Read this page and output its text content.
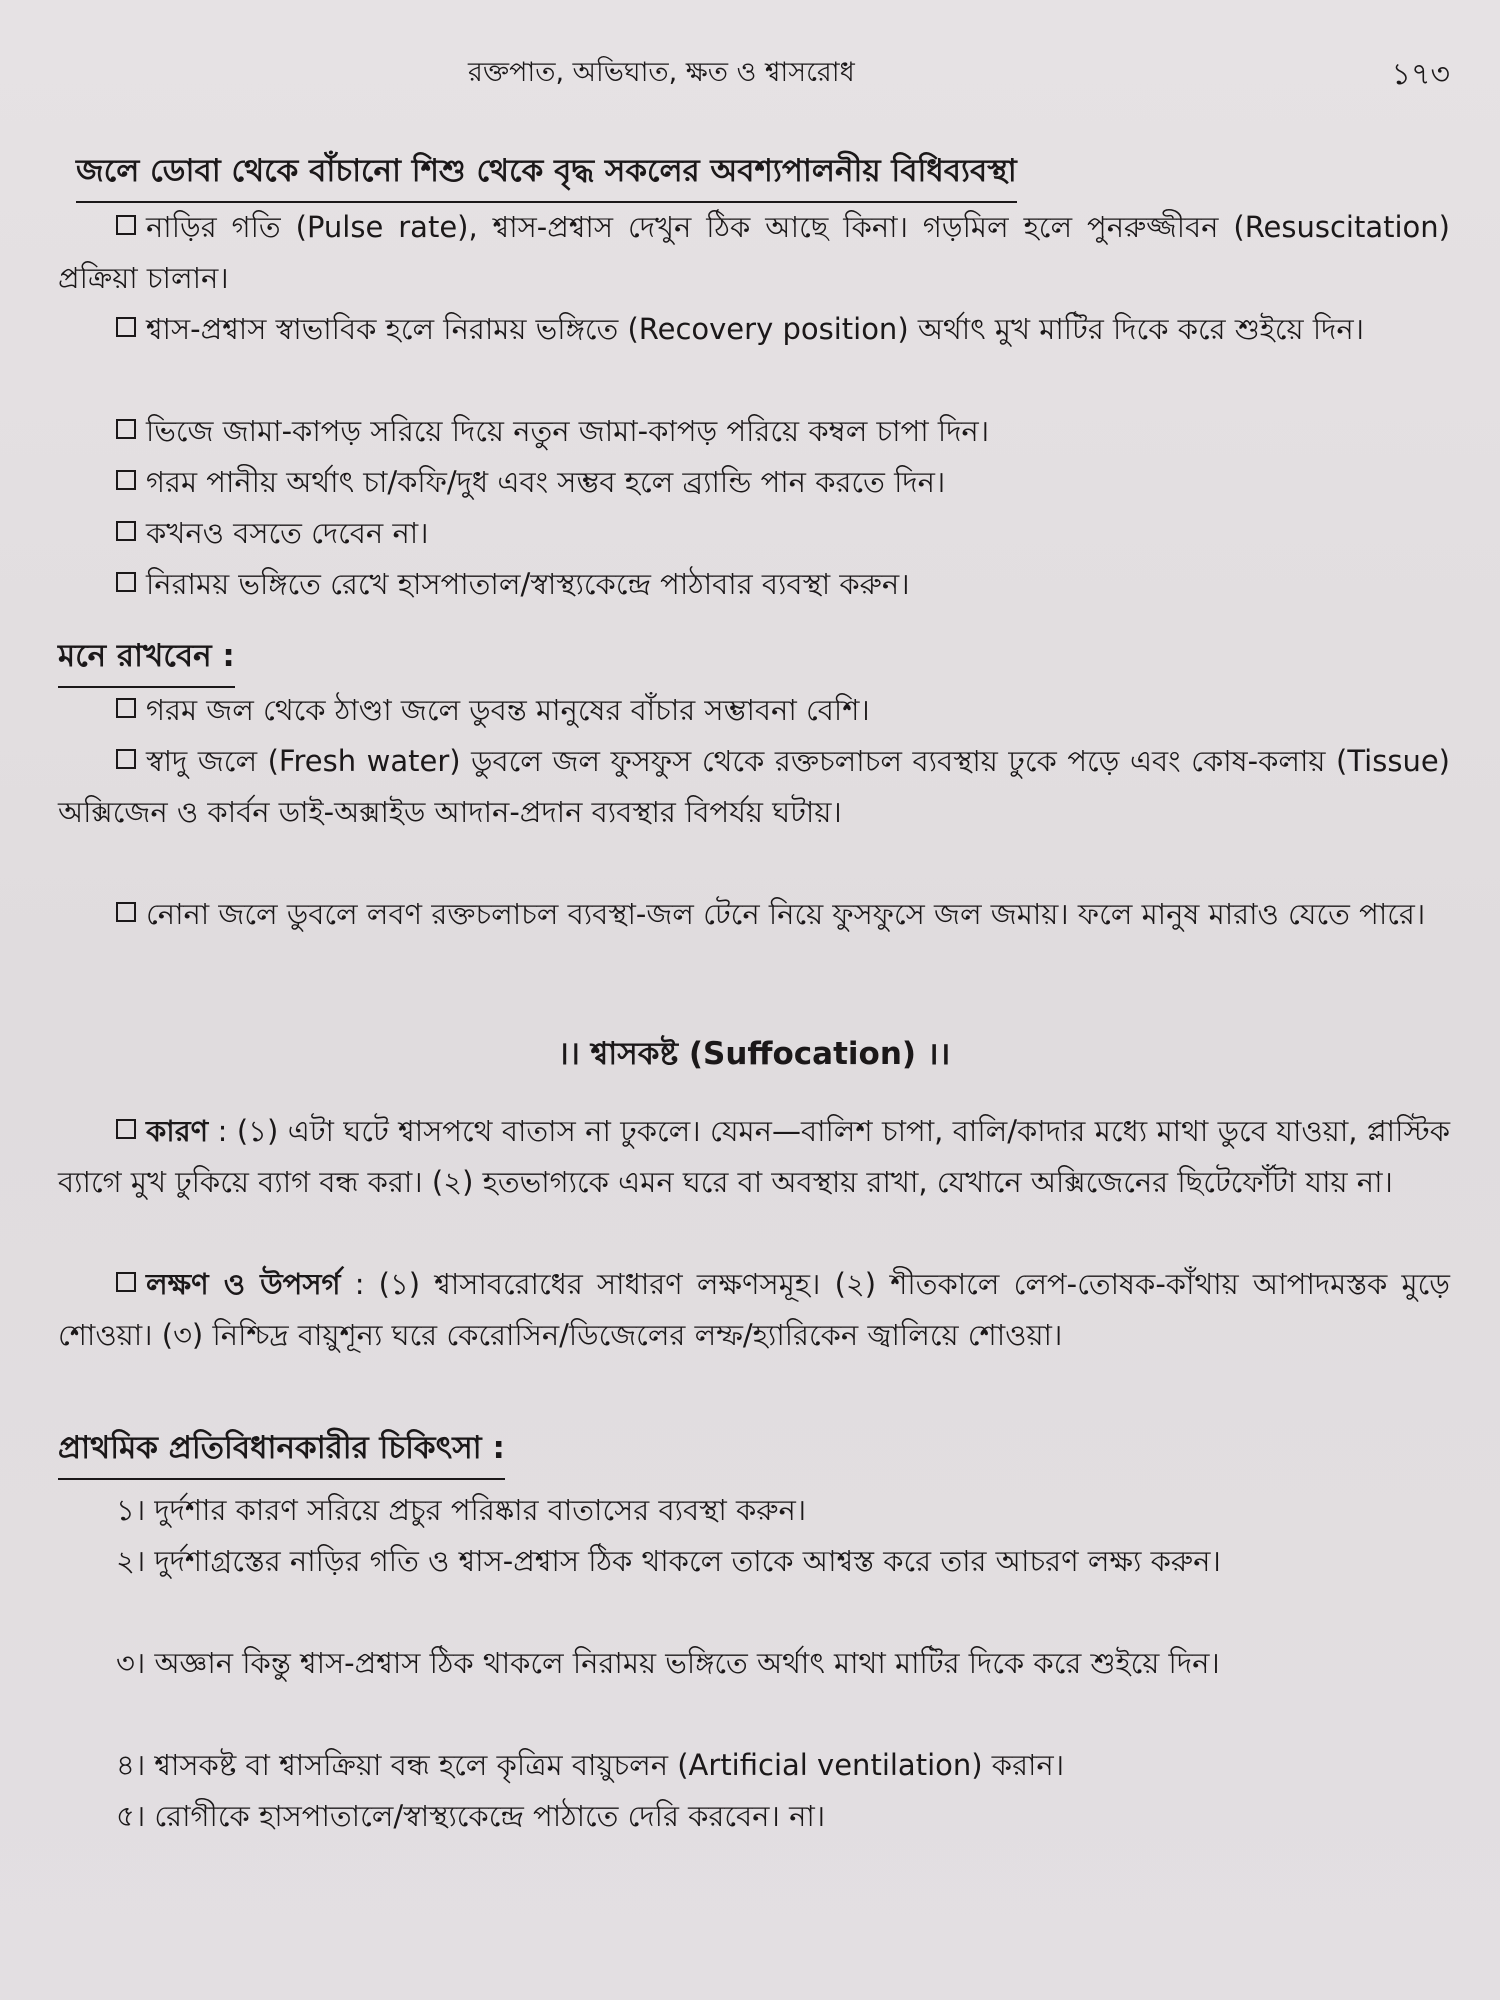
রক্তপাত, অভিঘাত, ক্ষত ও শ্বাসরোধ	১৭৩
জলে ডোবা থেকে বাঁচানো শিশু থেকে বৃদ্ধ সকলের অবশ্যপালনীয় বিধিব্যবস্থা
নাড়ির গতি (Pulse rate), শ্বাস-প্রশ্বাস দেখুন ঠিক আছে কিনা। গড়মিল হলে পুনরুজ্জীবন (Resuscitation) প্রক্রিয়া চালান।
শ্বাস-প্রশ্বাস স্বাভাবিক হলে নিরাময় ভঙ্গিতে (Recovery position) অর্থাৎ মুখ মাটির দিকে করে শুইয়ে দিন।
ভিজে জামা-কাপড় সরিয়ে দিয়ে নতুন জামা-কাপড় পরিয়ে কম্বল চাপা দিন।
গরম পানীয় অর্থাৎ চা/কফি/দুধ এবং সম্ভব হলে ব্র্যান্ডি পান করতে দিন।
কখনও বসতে দেবেন না।
নিরাময় ভঙ্গিতে রেখে হাসপাতাল/স্বাস্থ্যকেন্দ্রে পাঠাবার ব্যবস্থা করুন।
মনে রাখবেন :
গরম জল থেকে ঠাণ্ডা জলে ডুবন্ত মানুষের বাঁচার সম্ভাবনা বেশি।
স্বাদু জলে (Fresh water) ডুবলে জল ফুসফুস থেকে রক্তচলাচল ব্যবস্থায় ঢুকে পড়ে এবং কোষ-কলায় (Tissue) অক্সিজেন ও কার্বন ডাই-অক্সাইড আদান-প্রদান ব্যবস্থার বিপর্যয় ঘটায়।
নোনা জলে ডুবলে লবণ রক্তচলাচল ব্যবস্থা-জল টেনে নিয়ে ফুসফুসে জল জমায়। ফলে মানুষ মারাও যেতে পারে।
।। শ্বাসকষ্ট (Suffocation) ।।
কারণ : (১) এটা ঘটে শ্বাসপথে বাতাস না ঢুকলে। যেমন—বালিশ চাপা, বালি/কাদার মধ্যে মাথা ডুবে যাওয়া, প্লাস্টিক ব্যাগে মুখ ঢুকিয়ে ব্যাগ বন্ধ করা। (২) হতভাগ্যকে এমন ঘরে বা অবস্থায় রাখা, যেখানে অক্সিজেনের ছিটেফোঁটা যায় না।
লক্ষণ ও উপসর্গ : (১) শ্বাসাবরোধের সাধারণ লক্ষণসমূহ। (২) শীতকালে লেপ-তোষক-কাঁথায় আপাদমস্তক মুড়ে শোওয়া। (৩) নিশ্চিদ্র বায়ুশূন্য ঘরে কেরোসিন/ডিজেলের লম্ফ/হ্যারিকেন জ্বালিয়ে শোওয়া।
প্রাথমিক প্রতিবিধানকারীর চিকিৎসা :
১। দুর্দশার কারণ সরিয়ে প্রচুর পরিষ্কার বাতাসের ব্যবস্থা করুন।
২। দুর্দশাগ্রস্তের নাড়ির গতি ও শ্বাস-প্রশ্বাস ঠিক থাকলে তাকে আশ্বস্ত করে তার আচরণ লক্ষ্য করুন।
৩। অজ্ঞান কিন্তু শ্বাস-প্রশ্বাস ঠিক থাকলে নিরাময় ভঙ্গিতে অর্থাৎ মাথা মাটির দিকে করে শুইয়ে দিন।
৪। শ্বাসকষ্ট বা শ্বাসক্রিয়া বন্ধ হলে কৃত্রিম বায়ুচলন (Artificial ventilation) করান।
৫। রোগীকে হাসপাতালে/স্বাস্থ্যকেন্দ্রে পাঠাতে দেরি করবেন। না।
